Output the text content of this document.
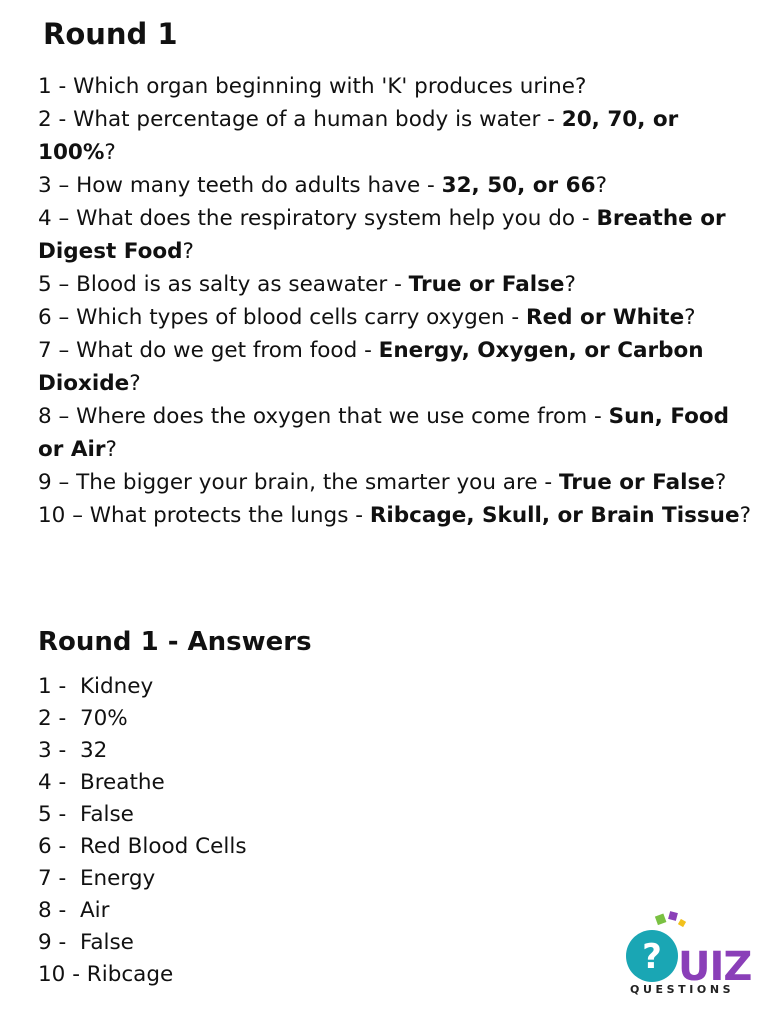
Round 1
1 - Which organ beginning with 'K' produces urine?
2 - What percentage of a human body is water - 20, 70, or 100%?
3 – How many teeth do adults have - 32, 50, or 66?
4 – What does the respiratory system help you do - Breathe or Digest Food?
5 – Blood is as salty as seawater - True or False?
6 – Which types of blood cells carry oxygen - Red or White?
7 – What do we get from food - Energy, Oxygen, or Carbon Dioxide?
8 – Where does the oxygen that we use come from - Sun, Food or Air?
9 – The bigger your brain, the smarter you are - True or False?
10 – What protects the lungs - Ribcage, Skull, or Brain Tissue?
Round 1 - Answers
1 -  Kidney
2 -  70%
3 -  32
4 -  Breathe
5 -  False
6 -  Red Blood Cells
7 -  Energy
8 -  Air
9 -  False
10 - Ribcage	? UIZ
QUESTIONS
